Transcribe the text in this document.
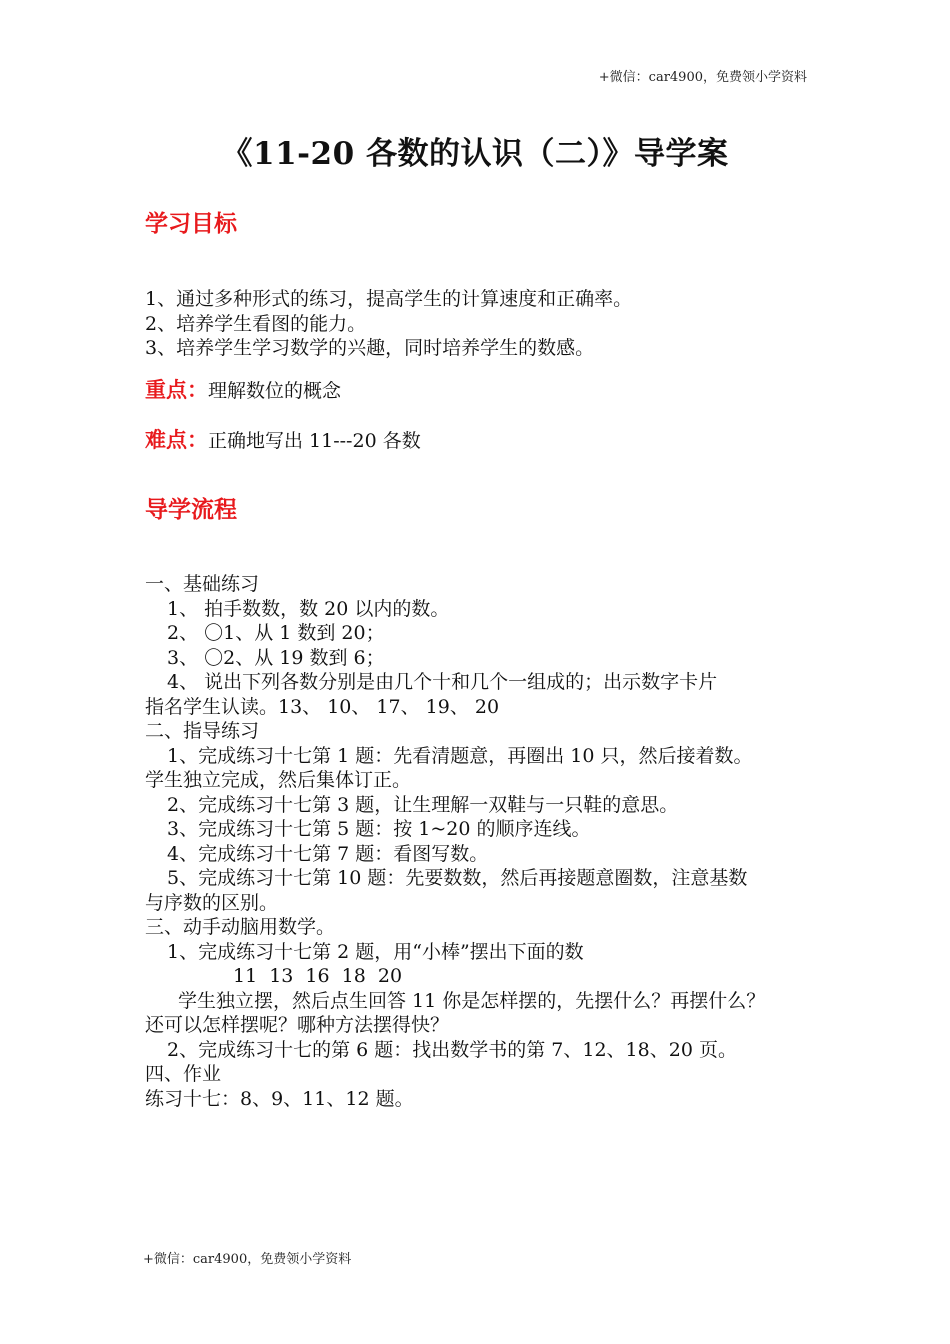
+微信：car4900，免费领小学资料
《11-20 各数的认识（二）》导学案
学习目标
1、通过多种形式的练习，提高学生的计算速度和正确率。
2、培养学生看图的能力。
3、培养学生学习数学的兴趣，同时培养学生的数感。
重点：理解数位的概念
难点：正确地写出 11---20 各数
导学流程
一、基础练习
1、 拍手数数，数 20 以内的数。
2、 〇1、从 1 数到 20；
3、 〇2、从 19 数到 6；
4、 说出下列各数分别是由几个十和几个一组成的；出示数字卡片
指名学生认读。13、 10、 17、 19、 20
二、指导练习
1、完成练习十七第 1 题：先看清题意，再圈出 10 只，然后接着数。
学生独立完成，然后集体订正。
2、完成练习十七第 3 题，让生理解一双鞋与一只鞋的意思。
3、完成练习十七第 5 题：按 1~20 的顺序连线。
4、完成练习十七第 7 题：看图写数。
5、完成练习十七第 10 题：先要数数，然后再接题意圈数，注意基数
与序数的区别。
三、动手动脑用数学。
1、完成练习十七第 2 题，用“小棒”摆出下面的数
11 13 16 18 20
学生独立摆，然后点生回答 11 你是怎样摆的，先摆什么？再摆什么？
还可以怎样摆呢？哪种方法摆得快？
2、完成练习十七的第 6 题：找出数学书的第 7、12、18、20 页。
四、作业
练习十七：8、9、11、12 题。
+微信：car4900，免费领小学资料
